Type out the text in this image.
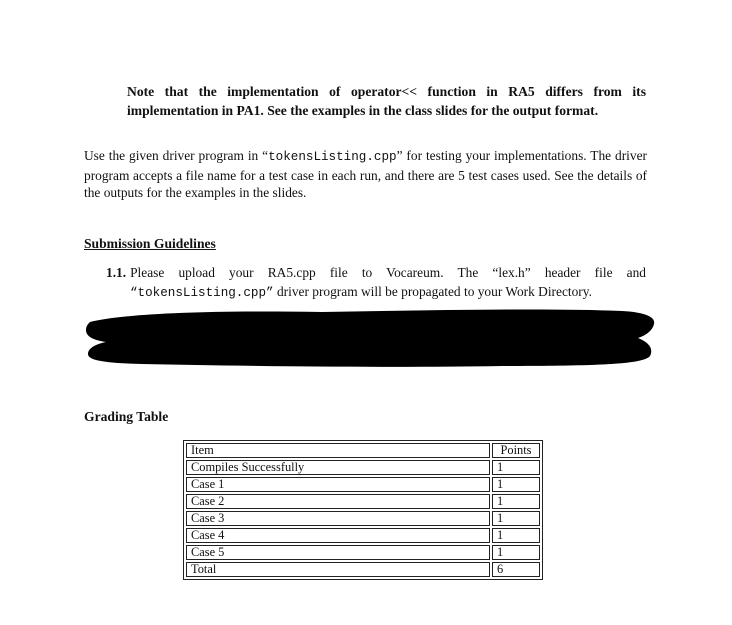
Note that the implementation of operator<< function in RA5 differs from its implementation in PA1. See the examples in the class slides for the output format.
Use the given driver program in “tokensListing.cpp” for testing your implementations. The driver program accepts a file name for a test case in each run, and there are 5 test cases used. See the details of the outputs for the examples in the slides.
Submission Guidelines
1.1. Please upload your RA5.cpp file to Vocareum. The “lex.h” header file and
“tokensListing.cpp” driver program will be propagated to your Work Directory.
Grading Table
Item	Points
Compiles Successfully	1
Case 1	1
Case 2	1
Case 3	1
Case 4	1
Case 5	1
Total	6
